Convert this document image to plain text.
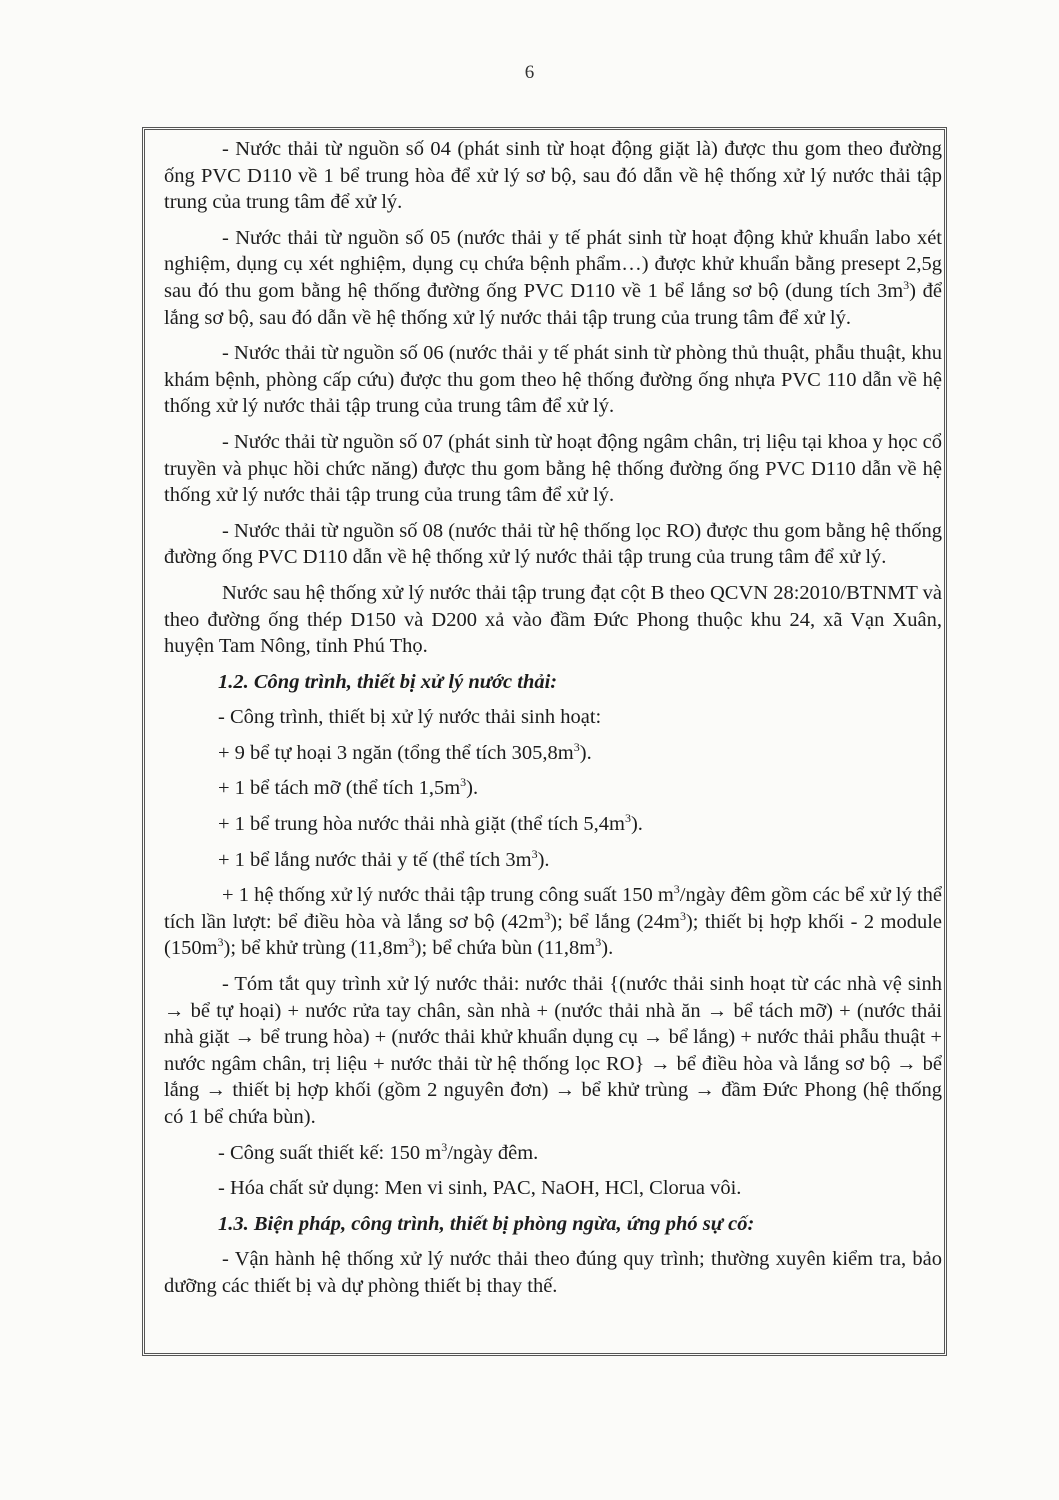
6

- Nước thải từ nguồn số 04 (phát sinh từ hoạt động giặt là) được thu gom theo đường ống PVC D110 về 1 bể trung hòa để xử lý sơ bộ, sau đó dẫn về hệ thống xử lý nước thải tập trung của trung tâm để xử lý.

- Nước thải từ nguồn số 05 (nước thải y tế phát sinh từ hoạt động khử khuẩn labo xét nghiệm, dụng cụ xét nghiệm, dụng cụ chứa bệnh phẩm…) được khử khuẩn bằng presept 2,5g sau đó thu gom bằng hệ thống đường ống PVC D110 về 1 bể lắng sơ bộ (dung tích $3m^3$) để lắng sơ bộ, sau đó dẫn về hệ thống xử lý nước thải tập trung của trung tâm để xử lý.

- Nước thải từ nguồn số 06 (nước thải y tế phát sinh từ phòng thủ thuật, phẫu thuật, khu khám bệnh, phòng cấp cứu) được thu gom theo hệ thống đường ống nhựa PVC 110 dẫn về hệ thống xử lý nước thải tập trung của trung tâm để xử lý.

- Nước thải từ nguồn số 07 (phát sinh từ hoạt động ngâm chân, trị liệu tại khoa y học cổ truyền và phục hồi chức năng) được thu gom bằng hệ thống đường ống PVC D110 dẫn về hệ thống xử lý nước thải tập trung của trung tâm để xử lý.

- Nước thải từ nguồn số 08 (nước thải từ hệ thống lọc RO) được thu gom bằng hệ thống đường ống PVC D110 dẫn về hệ thống xử lý nước thải tập trung của trung tâm để xử lý.

Nước sau hệ thống xử lý nước thải tập trung đạt cột B theo QCVN 28:2010/BTNMT và theo đường ống thép D150 và D200 xả vào đầm Đức Phong thuộc khu 24, xã Vạn Xuân, huyện Tam Nông, tỉnh Phú Thọ.

1.2. Công trình, thiết bị xử lý nước thải:

- Công trình, thiết bị xử lý nước thải sinh hoạt:

+ 9 bể tự hoại 3 ngăn (tổng thể tích $305,8m^3$).

+ 1 bể tách mỡ (thể tích $1,5m^3$).

+ 1 bể trung hòa nước thải nhà giặt (thể tích $5,4m^3$).

+ 1 bể lắng nước thải y tế (thể tích $3m^3$).

+ 1 hệ thống xử lý nước thải tập trung công suất 150 $m^3$/ngày đêm gồm các bể xử lý thể tích lần lượt: bể điều hòa và lắng sơ bộ $(42m^3)$; bể lắng $(24m^3)$; thiết bị hợp khối - 2 module $(150m^3)$; bể khử trùng $(11,8m^3)$; bể chứa bùn $(11,8m^3)$.

- Tóm tắt quy trình xử lý nước thải: nước thải {(nước thải sinh hoạt từ các nhà vệ sinh → bể tự hoại) + nước rửa tay chân, sàn nhà + (nước thải nhà ăn → bể tách mỡ) + (nước thải nhà giặt → bể trung hòa) + (nước thải khử khuẩn dụng cụ → bể lắng) + nước thải phẫu thuật + nước ngâm chân, trị liệu + nước thải từ hệ thống lọc RO} → bể điều hòa và lắng sơ bộ → bể lắng → thiết bị hợp khối (gồm 2 nguyên đơn) → bể khử trùng → đầm Đức Phong (hệ thống có 1 bể chứa bùn).

- Công suất thiết kế: 150 $m^3$/ngày đêm.

- Hóa chất sử dụng: Men vi sinh, PAC, NaOH, HCl, Clorua vôi.

1.3. Biện pháp, công trình, thiết bị phòng ngừa, ứng phó sự cố:

- Vận hành hệ thống xử lý nước thải theo đúng quy trình; thường xuyên kiểm tra, bảo dưỡng các thiết bị và dự phòng thiết bị thay thế.
